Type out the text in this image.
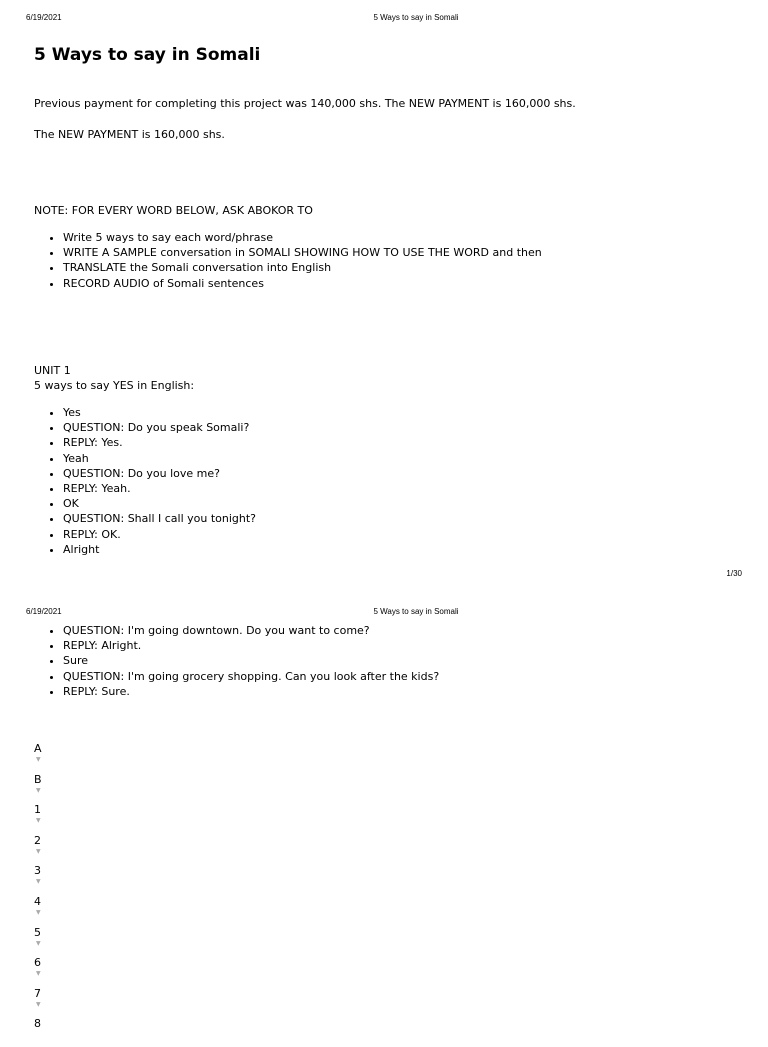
6/19/2021	5 Ways to say in Somali
5 Ways to say in Somali

Previous payment for completing this project was 140,000 shs. The NEW PAYMENT is 160,000 shs.

The NEW PAYMENT is 160,000 shs.

NOTE: FOR EVERY WORD BELOW, ASK ABOKOR TO

• Write 5 ways to say each word/phrase
• WRITE A SAMPLE conversation in SOMALI SHOWING HOW TO USE THE WORD and then
• TRANSLATE the Somali conversation into English
• RECORD AUDIO of Somali sentences

UNIT 1

5 ways to say YES in English:

• Yes
• QUESTION: Do you speak Somali?
• REPLY: Yes.
• Yeah
• QUESTION: Do you love me?
• REPLY: Yeah.
• OK
• QUESTION: Shall I call you tonight?
• REPLY: OK.
• Alright
1/30
6/19/2021	5 Ways to say in Somali
• QUESTION: I'm going downtown. Do you want to come?
• REPLY: Alright.
• Sure
• QUESTION: I'm going grocery shopping. Can you look after the kids?
• REPLY: Sure.
A
▼
B
▼
1
▼
2
▼
3
▼
4
▼
5
▼
6
▼
7
▼
8
